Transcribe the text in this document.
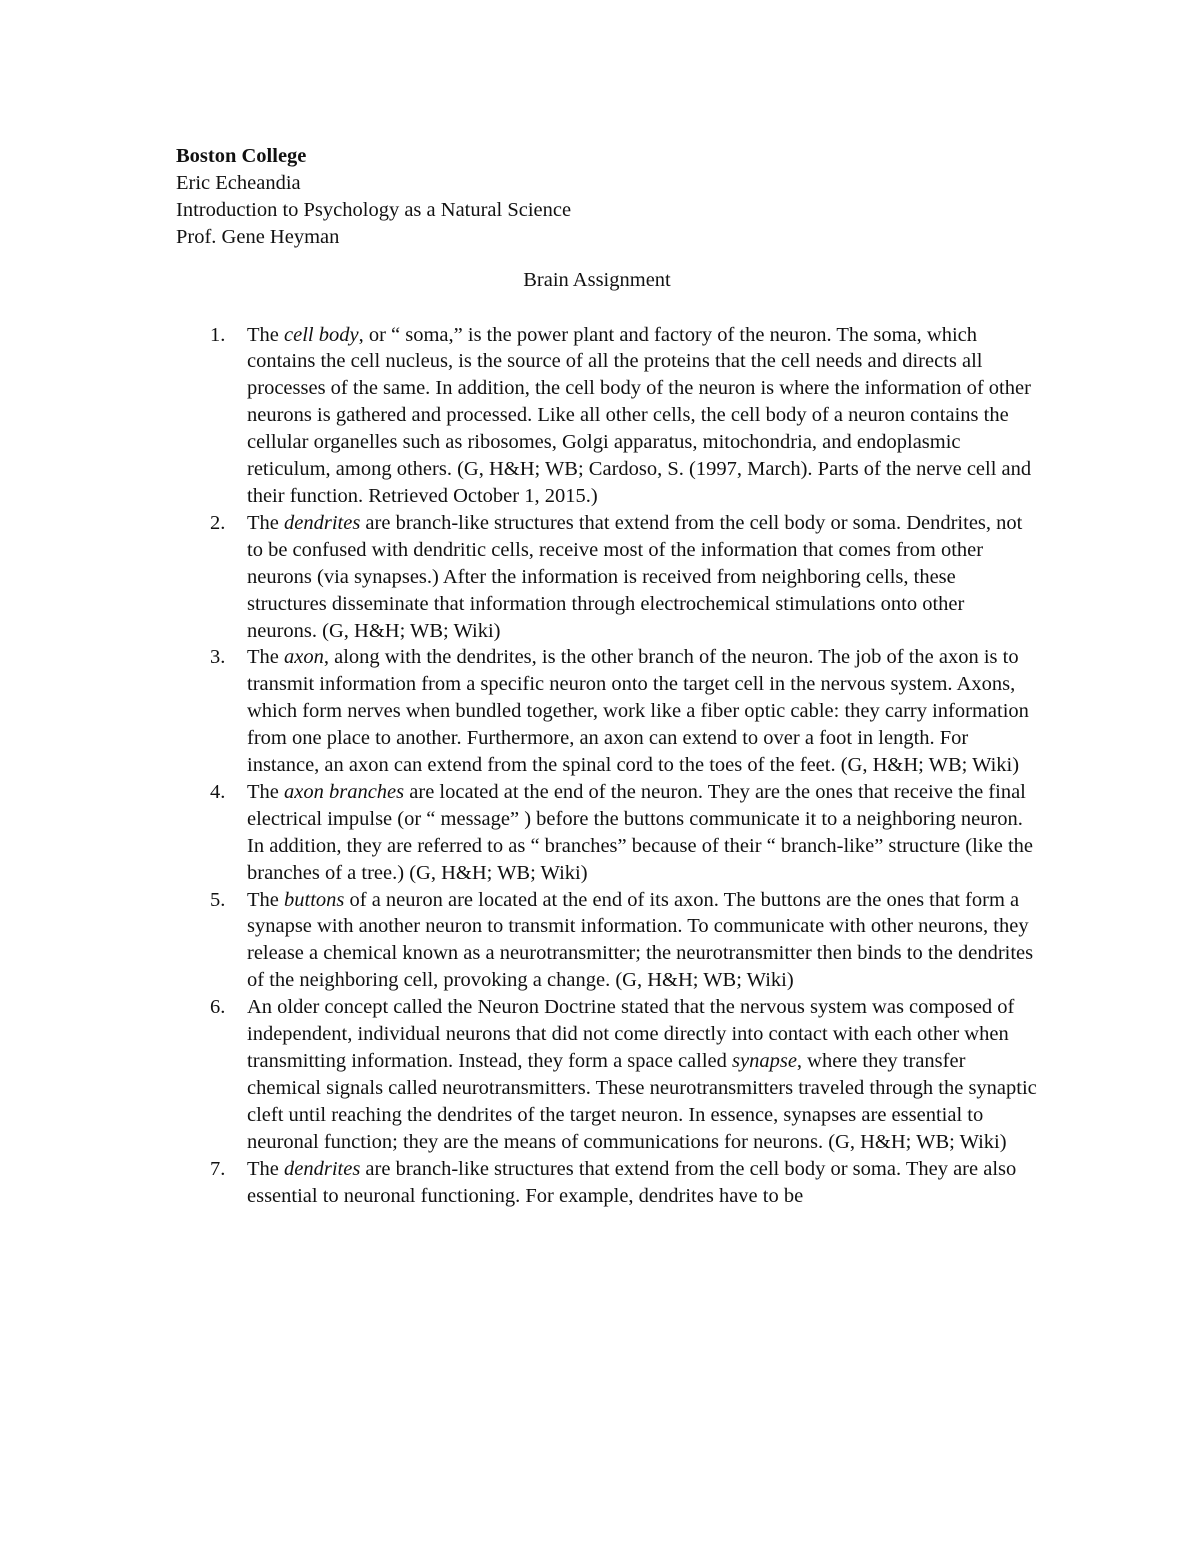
Boston College
Eric Echeandia
Introduction to Psychology as a Natural Science
Prof. Gene Heyman
Brain Assignment
1. The cell body, or “ soma,” is the power plant and factory of the neuron. The soma, which contains the cell nucleus, is the source of all the proteins that the cell needs and directs all processes of the same. In addition, the cell body of the neuron is where the information of other neurons is gathered and processed. Like all other cells, the cell body of a neuron contains the cellular organelles such as ribosomes, Golgi apparatus, mitochondria, and endoplasmic reticulum, among others. (G, H&H; WB; Cardoso, S. (1997, March). Parts of the nerve cell and their function. Retrieved October 1, 2015.)
2. The dendrites are branch-like structures that extend from the cell body or soma. Dendrites, not to be confused with dendritic cells, receive most of the information that comes from other neurons (via synapses.) After the information is received from neighboring cells, these structures disseminate that information through electrochemical stimulations onto other neurons. (G, H&H; WB; Wiki)
3. The axon, along with the dendrites, is the other branch of the neuron. The job of the axon is to transmit information from a specific neuron onto the target cell in the nervous system. Axons, which form nerves when bundled together, work like a fiber optic cable: they carry information from one place to another. Furthermore, an axon can extend to over a foot in length. For instance, an axon can extend from the spinal cord to the toes of the feet. (G, H&H; WB; Wiki)
4. The axon branches are located at the end of the neuron. They are the ones that receive the final electrical impulse (or “ message” ) before the buttons communicate it to a neighboring neuron. In addition, they are referred to as “ branches” because of their “ branch-like” structure (like the branches of a tree.) (G, H&H; WB; Wiki)
5. The buttons of a neuron are located at the end of its axon. The buttons are the ones that form a synapse with another neuron to transmit information. To communicate with other neurons, they release a chemical known as a neurotransmitter; the neurotransmitter then binds to the dendrites of the neighboring cell, provoking a change. (G, H&H; WB; Wiki)
6. An older concept called the Neuron Doctrine stated that the nervous system was composed of independent, individual neurons that did not come directly into contact with each other when transmitting information. Instead, they form a space called synapse, where they transfer chemical signals called neurotransmitters. These neurotransmitters traveled through the synaptic cleft until reaching the dendrites of the target neuron. In essence, synapses are essential to neuronal function; they are the means of communications for neurons. (G, H&H; WB; Wiki)
7. The dendrites are branch-like structures that extend from the cell body or soma. They are also essential to neuronal functioning. For example, dendrites have to be
